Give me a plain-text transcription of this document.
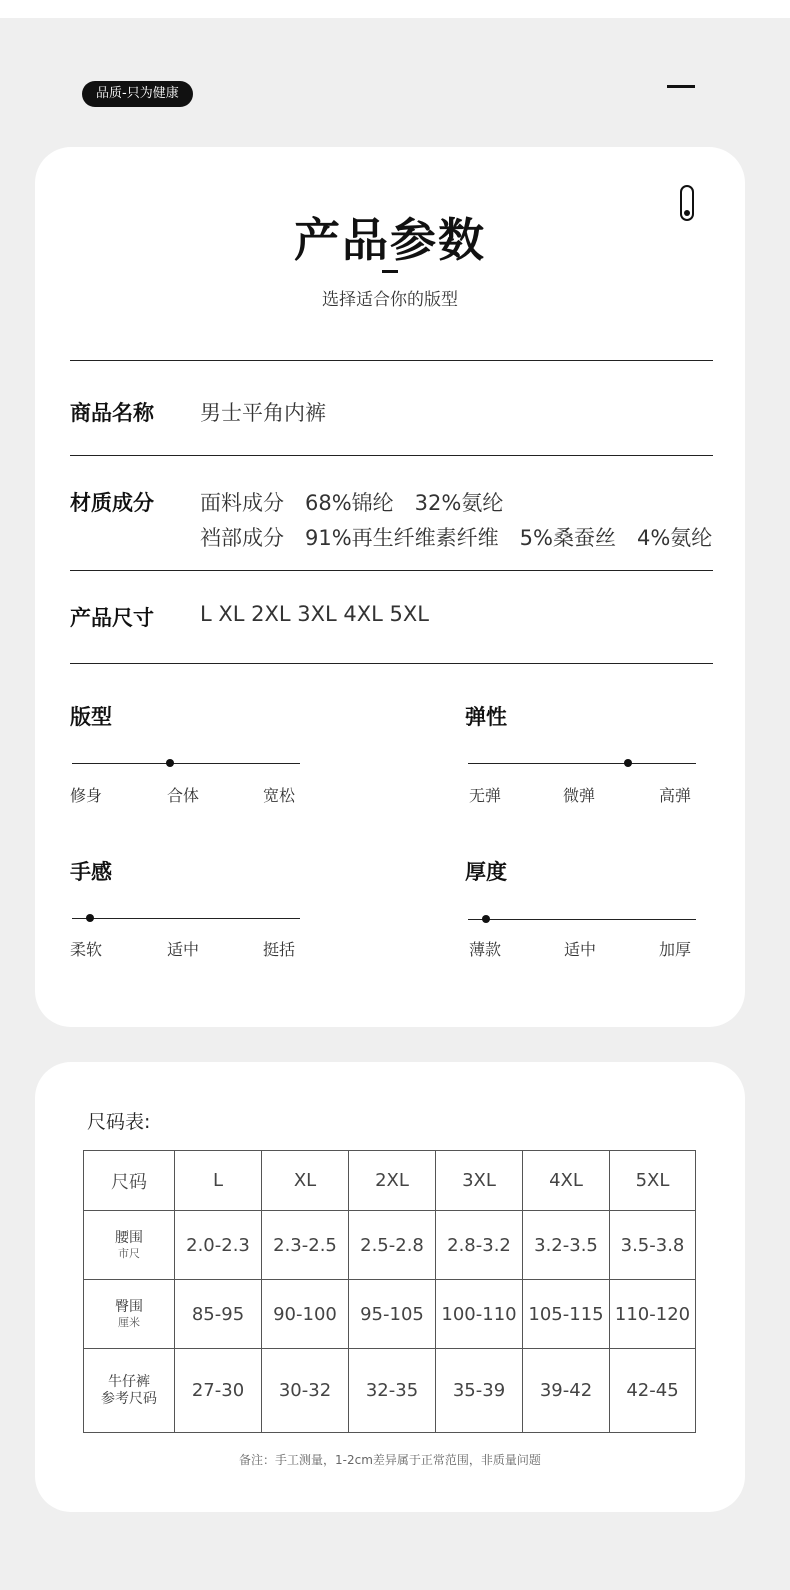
品质-只为健康
产品参数
选择适合你的版型
商品名称 男士平角内裤
材质成分 面料成分　68%锦纶　32%氨纶
裆部成分　91%再生纤维素纤维　5%桑蚕丝　4%氨纶
产品尺寸 L XL 2XL 3XL 4XL 5XL
版型
修身	合体	宽松
弹性
无弹	微弹	高弹
手感
柔软	适中	挺括
厚度
薄款	适中	加厚
尺码表:
尺码	L	XL	2XL	3XL	4XL	5XL

腰围
市尺	2.0-2.3	2.3-2.5	2.5-2.8	2.8-3.2	3.2-3.5	3.5-3.8

臀围
厘米	85-95	90-100	95-105	100-110	105-115	110-120

牛仔裤
参考尺码	27-30	30-32	32-35	35-39	39-42	42-45
备注：手工测量，1-2cm差异属于正常范围，非质量问题
